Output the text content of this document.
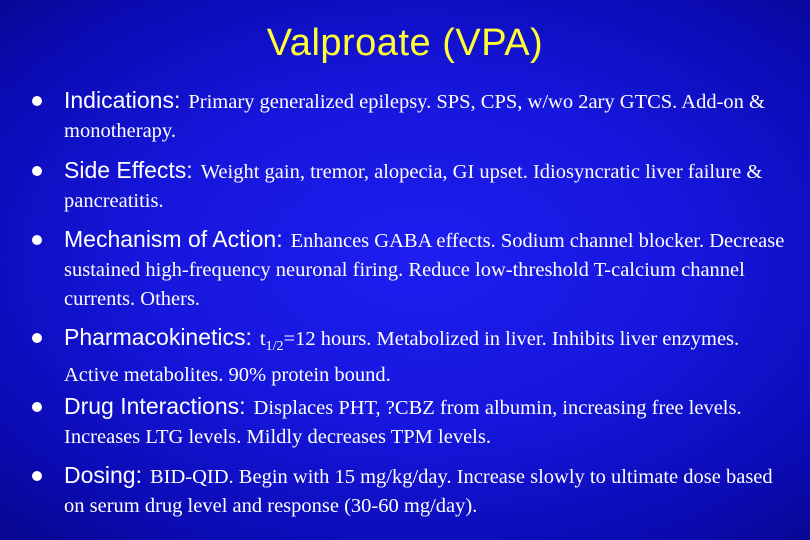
Valproate (VPA)
Indications: Primary generalized epilepsy. SPS, CPS, w/wo 2ary GTCS. Add-on & monotherapy.
Side Effects: Weight gain, tremor, alopecia, GI upset. Idiosyncratic liver failure & pancreatitis.
Mechanism of Action: Enhances GABA effects. Sodium channel blocker. Decrease sustained high-frequency neuronal firing. Reduce low-threshold T-calcium channel currents. Others.
Pharmacokinetics: $t_{1/2}=12$ hours. Metabolized in liver. Inhibits liver enzymes. Active metabolites. 90% protein bound.
Drug Interactions: Displaces PHT, ?CBZ from albumin, increasing free levels. Increases LTG levels. Mildly decreases TPM levels.
Dosing: BID-QID. Begin with 15 mg/kg/day. Increase slowly to ultimate dose based on serum drug level and response (30-60 mg/day).
